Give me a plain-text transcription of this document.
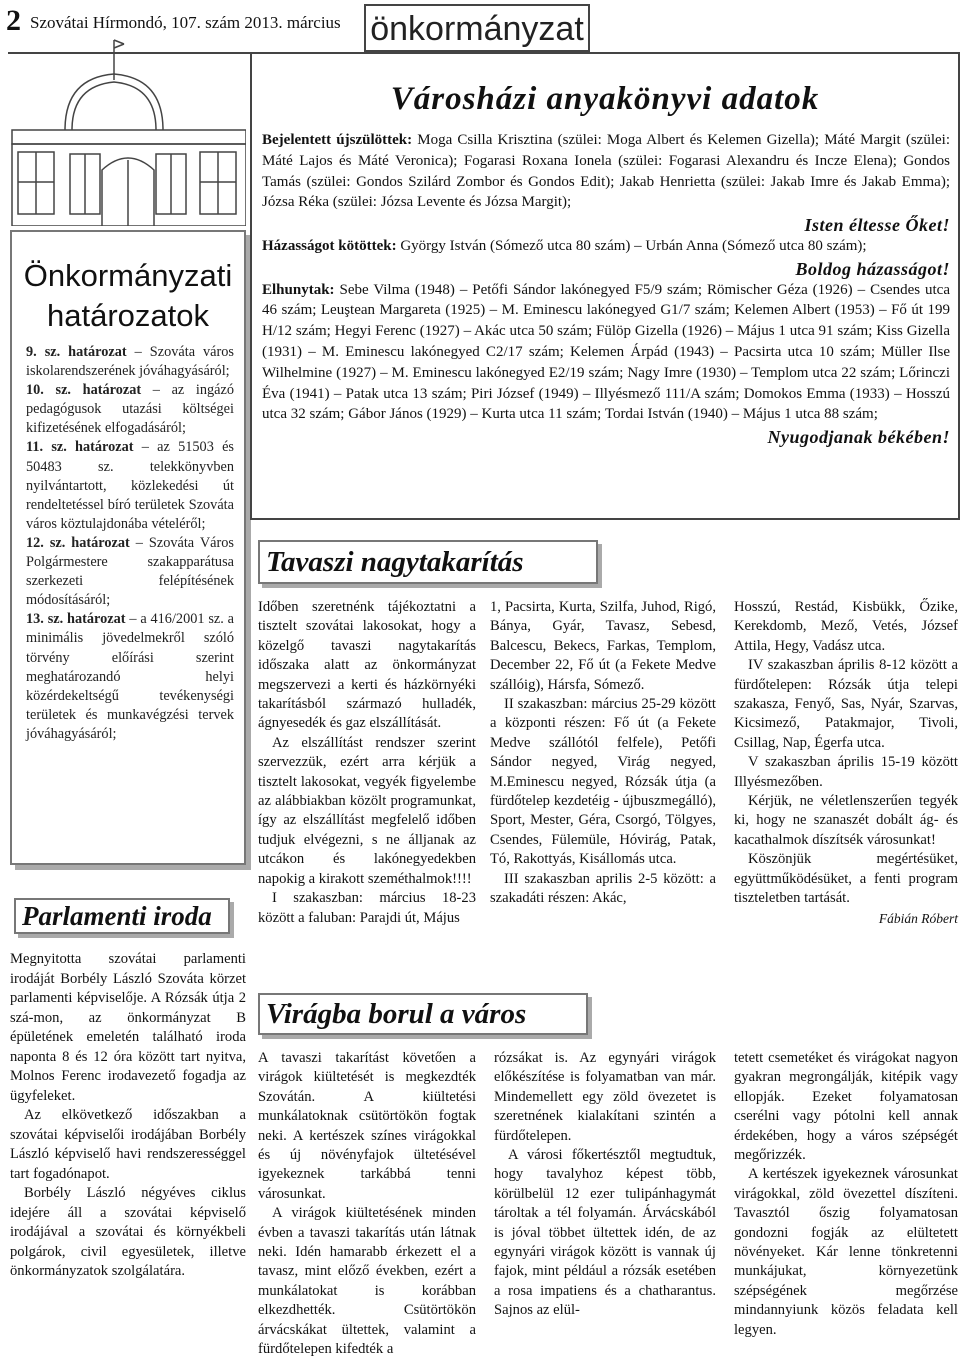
2 Szovátai Hírmondó, 107. szám 2013. március önkormányzat
Önkormányzati határozatok

9. sz. határozat – Szováta város iskolarendszerének jóváhagyásáról;

10. sz. határozat – az ingázó pedagógusok utazási költségei kifizetésének elfogadásáról;

11. sz. határozat – az 51503 és 50483 sz. telekkönyvben nyilvántartott, közlekedési út rendeltetéssel bíró területek Szováta város köztulajdonába vételéről;

12. sz. határozat – Szováta Város Polgármestere szakapparátusa szerkezeti felépítésének módosításáról;

13. sz. határozat – a 416/2001 sz. a minimális jövedelmekről szóló törvény előírási szerint meghatározandó helyi közérdekeltségű tevékenységi területek és munkavégzési tervek jóváhagyásáról;

Parlamenti iroda

Megnyitotta szovátai parlamenti irodáját Borbély László Szováta körzet parlamenti képviselője. A Rózsák útja 2 szá-mon, az önkormányzat B épületének emeletén található iroda naponta 8 és 12 óra között tart nyitva, Molnos Ferenc irodavezető fogadja az ügyfeleket.

Az elkövetkező időszakban a szovátai képviselői irodájában Borbély László képviselő havi rendszerességgel tart fogadónapot.

Borbély László négyéves ciklus idejére áll a szovátai képviselő irodájával a szovátai és környékbeli polgárok, civil egyesületek, illetve önkormányzatok szolgálatára.

Városházi anyakönyvi adatok

Bejelentett újszülöttek: Moga Csilla Krisztina (szülei: Moga Albert és Kelemen Gizella); Máté Margit (szülei: Máté Lajos és Máté Veronica); Fogarasi Roxana Ionela (szülei: Fogarasi Alexandru és Incze Elena); Gondos Tamás (szülei: Gondos Szilárd Zombor és Gondos Edit); Jakab Henrietta (szülei: Jakab Imre és Jakab Emma); Józsa Réka (szülei: Józsa Levente és Józsa Margit);

Isten éltesse Őket!

Házasságot kötöttek: György István (Sómező utca 80 szám) – Urbán Anna (Sómező utca 80 szám);

Boldog házasságot!

Elhunytak: Sebe Vilma (1948) – Petőfi Sándor lakónegyed F5/9 szám; Römischer Géza (1926) – Csendes utca 46 szám; Leuştean Margareta (1925) – M. Eminescu lakónegyed G1/7 szám; Kelemen Albert (1953) – Fő út 199 H/12 szám; Hegyi Ferenc (1927) – Akác utca 50 szám; Fülöp Gizella (1926) – Május 1 utca 91 szám; Kiss Gizella (1931) – M. Eminescu lakónegyed C2/17 szám; Kelemen Árpád (1943) – Pacsirta utca 10 szám; Müller Ilse Wilhelmine (1927) – M. Eminescu lakónegyed E2/19 szám; Nagy Imre (1930) – Templom utca 22 szám; Lőrinczi Éva (1941) – Patak utca 13 szám; Piri József (1949) – Illyésmező 111/A szám; Domokos Emma (1933) – Hosszú utca 32 szám; Gábor János (1929) – Kurta utca 11 szám; Tordai István (1940) – Május 1 utca 88 szám;

Nyugodjanak békében!
Tavaszi nagytakarítás

Időben szeretnénk tájékoztatni a tisztelt szovátai lakosokat, hogy a közelgő tavaszi nagytakarítás időszaka alatt az önkormányzat megszervezi a kerti és házkörnyéki takarításból származó hulladék, ágnyesedék és gaz elszállítását.

Az elszállítást rendszer szerint szervezzük, ezért arra kérjük a tisztelt lakosokat, vegyék figyelembe az alábbiakban közölt programunkat, így az elszállítást megfelelő időben tudjuk elvégezni, s ne álljanak az utcákon és lakónegyedekben napokig a kirakott szeméthalmok!!!!

I szakaszban: március 18-23 között a faluban: Parajdi út, Május

1, Pacsirta, Kurta, Szilfa, Juhod, Rigó, Bánya, Gyár, Tavasz, Sebesd, Balcescu, Bekecs, Farkas, Templom, December 22, Fő út (a Fekete Medve szállóig), Hársfa, Sómező.

II szakaszban: március 25-29 között a központi részen: Fő út (a Fekete Medve szállótól felfele), Petőfi Sándor negyed, Virág negyed, M.Eminescu negyed, Rózsák útja (a fürdőtelep kezdetéig - újbuszmegálló), Sport, Mester, Géra, Csorgó, Tölgyes, Csendes, Fülemüle, Hóvirág, Patak, Tó, Rakottyás, Kisállomás utca.

III szakaszban aprilis 2-5 között: a szakadáti részen: Akác,

Hosszú, Restád, Kisbükk, Őzike, Kerekdomb, Mező, Vetés, József Attila, Hegy, Vadász utca.

IV szakaszban április 8-12 között a fürdőtelepen: Rózsák útja telepi szakasza, Fenyő, Sas, Nyár, Szarvas, Kicsimező, Patakmajor, Tivoli, Csillag, Nap, Égerfa utca.

V szakaszban április 15-19 között Illyésmezőben.

Kérjük, ne véletlenszerűen tegyék ki, hogy ne szanaszét dobált ág- és kacathalmok díszítsék városunkat!

Köszönjük megértésüket, együttműködésüket, a fenti program tiszteletben tartását.

Fábián Róbert
Virágba borul a város

A tavaszi takarítást követően a virágok kiültetését is megkezdték Szovátán. A kiültetési munkálatoknak csütörtökön fogtak neki. A kertészek színes virágokkal és új növényfajok ültetésével igyekeznek tarkábbá tenni városunkat.

A virágok kiültetésének minden évben a tavaszi takarítás után látnak neki. Idén hamarabb érkezett el a tavasz, mint előző években, ezért a munkálatokat is korábban elkezdhették. Csütörtökön árvácskákat ültettek, valamint a fürdőtelepen kifedték a

rózsákat is. Az egynyári virágok előkészítése is folyamatban van már. Mindemellett egy zöld övezetet is szeretnének kialakítani szintén a fürdőtelepen.

A városi főkertésztől megtudtuk, hogy tavalyhoz képest több, körülbelül 12 ezer tulipánhagymát tároltak a tél folyamán. Árvácskából is jóval többet ültettek idén, de az egynyári virágok között is vannak új fajok, mint például a rózsák esetében a rosa impatiens és a chatharantus. Sajnos az elül-

tetett csemetéket és virágokat nagyon gyakran megrongálják, kitépik vagy ellopják. Ezeket folyamatosan cserélni vagy pótolni kell annak érdekében, hogy a város szépségét megőrizzék.

A kertészek igyekeznek városunkat virágokkal, zöld övezettel díszíteni. Tavasztól őszig folyamatosan gondozni fogják az elültetett növényeket. Kár lenne tönkretenni munkájukat, környezetünk szépségének megőrzése mindannyiunk közös feladata kell legyen.
